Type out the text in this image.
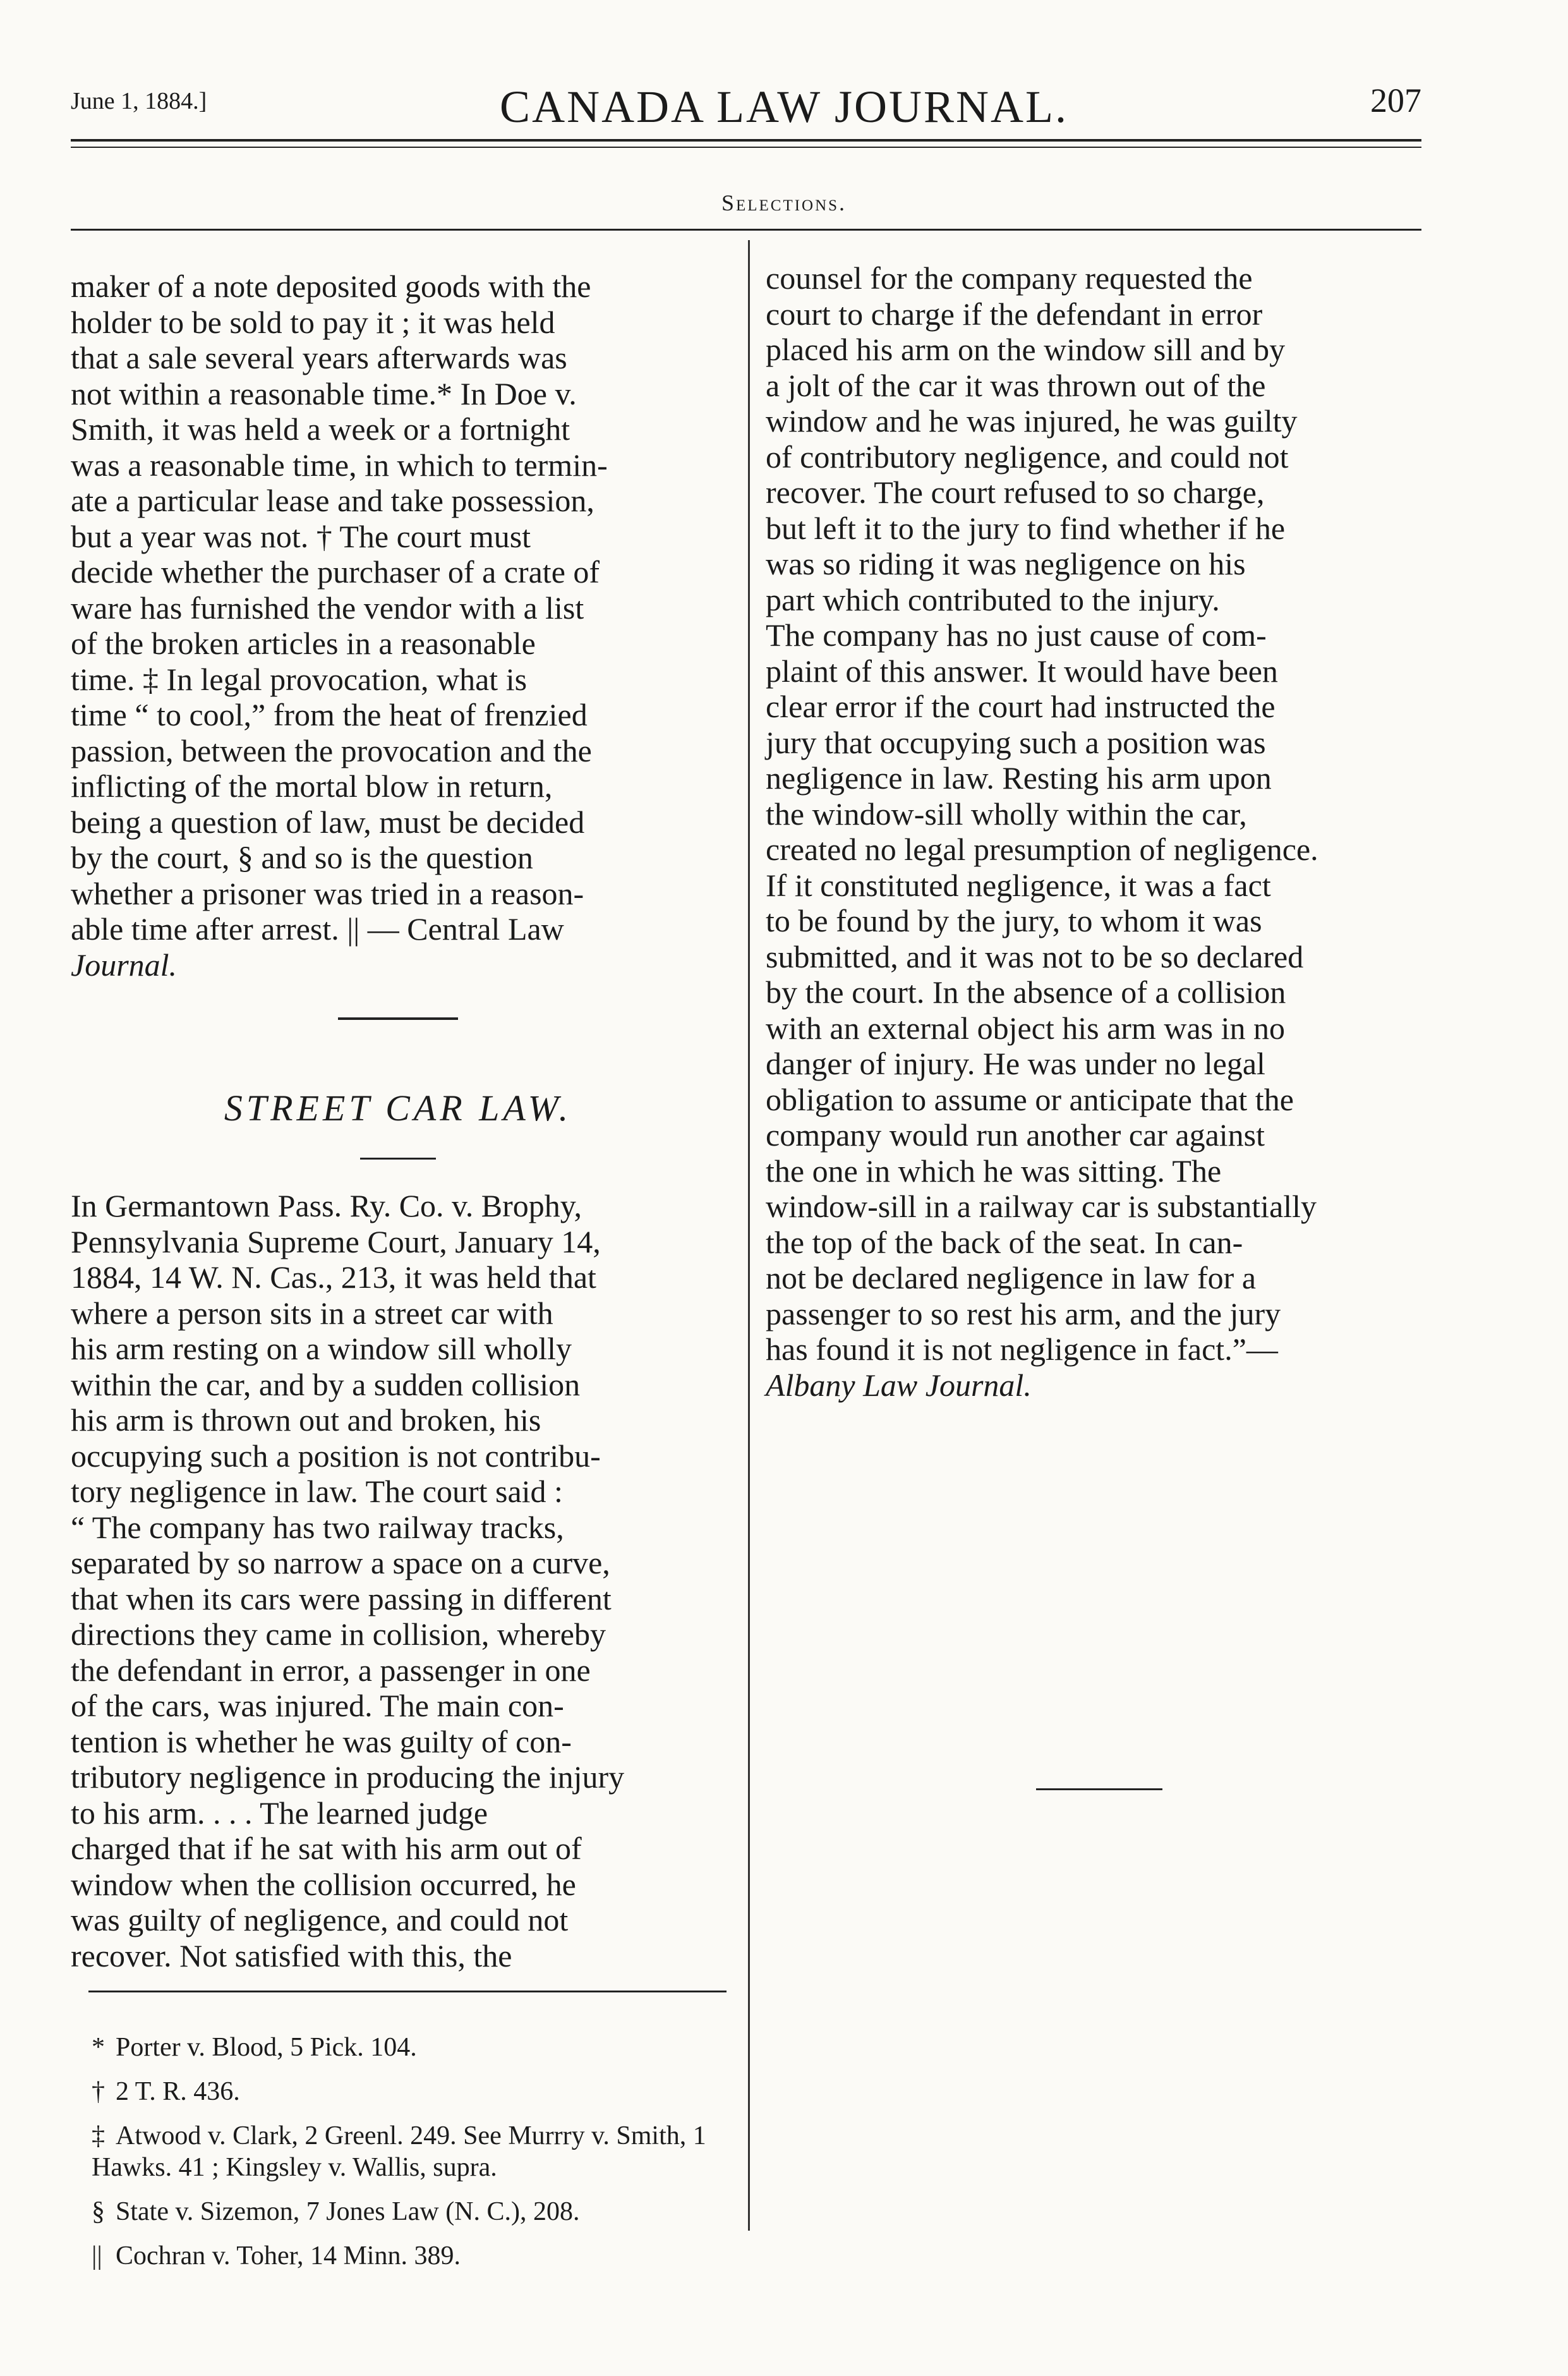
June 1, 1884.]	CANADA LAW JOURNAL.	207
Selections.

maker of a note deposited goods with the

holder to be sold to pay it ; it was held

that a sale several years afterwards was

not within a reasonable time.* In Doe v.

Smith, it was held a week or a fortnight

was a reasonable time, in which to termin-

ate a particular lease and take possession,

but a year was not. † The court must

decide whether the purchaser of a crate of

ware has furnished the vendor with a list

of the broken articles in a reasonable

time. ‡ In legal provocation, what is

time “ to cool,” from the heat of frenzied

passion, between the provocation and the

inflicting of the mortal blow in return,

being a question of law, must be decided

by the court, § and so is the question

whether a prisoner was tried in a reason-

able time after arrest. || — Central Law

Journal.

STREET CAR LAW.

In Germantown Pass. Ry. Co. v. Brophy,

Pennsylvania Supreme Court, January 14,

1884, 14 W. N. Cas., 213, it was held that

where a person sits in a street car with

his arm resting on a window sill wholly

within the car, and by a sudden collision

his arm is thrown out and broken, his

occupying such a position is not contribu-

tory negligence in law. The court said :

“ The company has two railway tracks,

separated by so narrow a space on a curve,

that when its cars were passing in different

directions they came in collision, whereby

the defendant in error, a passenger in one

of the cars, was injured. The main con-

tention is whether he was guilty of con-

tributory negligence in producing the injury

to his arm. . . . The learned judge

charged that if he sat with his arm out of

window when the collision occurred, he

was guilty of negligence, and could not

recover. Not satisfied with this, the

* Porter v. Blood, 5 Pick. 104.

† 2 T. R. 436.

‡ Atwood v. Clark, 2 Greenl. 249. See Murrry v. Smith, 1 Hawks. 41 ; Kingsley v. Wallis, supra.

§ State v. Sizemon, 7 Jones Law (N. C.), 208.

|| Cochran v. Toher, 14 Minn. 389.

counsel for the company requested the

court to charge if the defendant in error

placed his arm on the window sill and by

a jolt of the car it was thrown out of the

window and he was injured, he was guilty

of contributory negligence, and could not

recover. The court refused to so charge,

but left it to the jury to find whether if he

was so riding it was negligence on his

part which contributed to the injury.

The company has no just cause of com-

plaint of this answer. It would have been

clear error if the court had instructed the

jury that occupying such a position was

negligence in law. Resting his arm upon

the window-sill wholly within the car,

created no legal presumption of negligence.

If it constituted negligence, it was a fact

to be found by the jury, to whom it was

submitted, and it was not to be so declared

by the court. In the absence of a collision

with an external object his arm was in no

danger of injury. He was under no legal

obligation to assume or anticipate that the

company would run another car against

the one in which he was sitting. The

window-sill in a railway car is substantially

the top of the back of the seat. In can-

not be declared negligence in law for a

passenger to so rest his arm, and the jury

has found it is not negligence in fact.”—

Albany Law Journal.
